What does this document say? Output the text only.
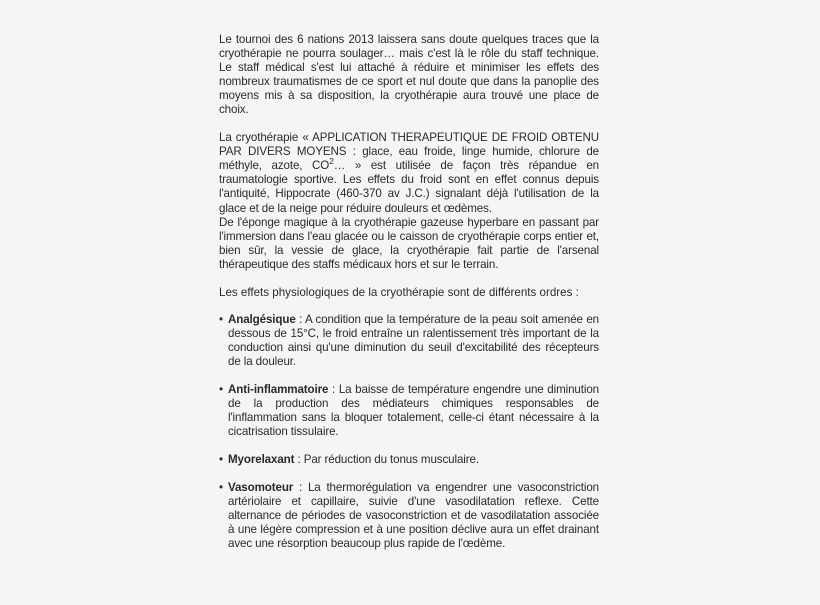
Le tournoi des 6 nations 2013 laissera sans doute quelques traces que la cryothérapie ne pourra soulager… mais c'est là le rôle du staff technique. Le staff médical s'est lui attaché à réduire et minimiser les effets des nombreux traumatismes de ce sport et nul doute que dans la panoplie des moyens mis à sa disposition, la cryothérapie aura trouvé une place de choix.

La cryothérapie « APPLICATION THERAPEUTIQUE DE FROID OBTENU PAR DIVERS MOYENS : glace, eau froide, linge humide, chlorure de méthyle, azote, $CO^2\dots$ » est utilisée de façon très répandue en traumatologie sportive. Les effets du froid sont en effet connus depuis l'antiquité, Hippocrate (460-370 av J.C.) signalant déjà l'utilisation de la glace et de la neige pour réduire douleurs et œdèmes.

De l'éponge magique à la cryothérapie gazeuse hyperbare en passant par l'immersion dans l'eau glacée ou le caisson de cryothérapie corps entier et, bien sûr, la vessie de glace, la cryothérapie fait partie de l'arsenal thérapeutique des staffs médicaux hors et sur le terrain.

Les effets physiologiques de la cryothérapie sont de différents ordres :

• Analgésique : A condition que la température de la peau soit amenée en dessous de 15°C, le froid entraîne un ralentissement très important de la conduction ainsi qu'une diminution du seuil d'excitabilité des récepteurs de la douleur.
• Anti-inflammatoire : La baisse de température engendre une diminution de la production des médiateurs chimiques responsables de l'inflammation sans la bloquer totalement, celle-ci étant nécessaire à la cicatrisation tissulaire.
• Myorelaxant : Par réduction du tonus musculaire.
• Vasomoteur : La thermorégulation va engendrer une vasoconstriction artériolaire et capillaire, suivie d'une vasodilatation reflexe. Cette alternance de périodes de vasoconstriction et de vasodilatation associée à une légère compression et à une position déclive aura un effet drainant avec une résorption beaucoup plus rapide de l'œdème.
